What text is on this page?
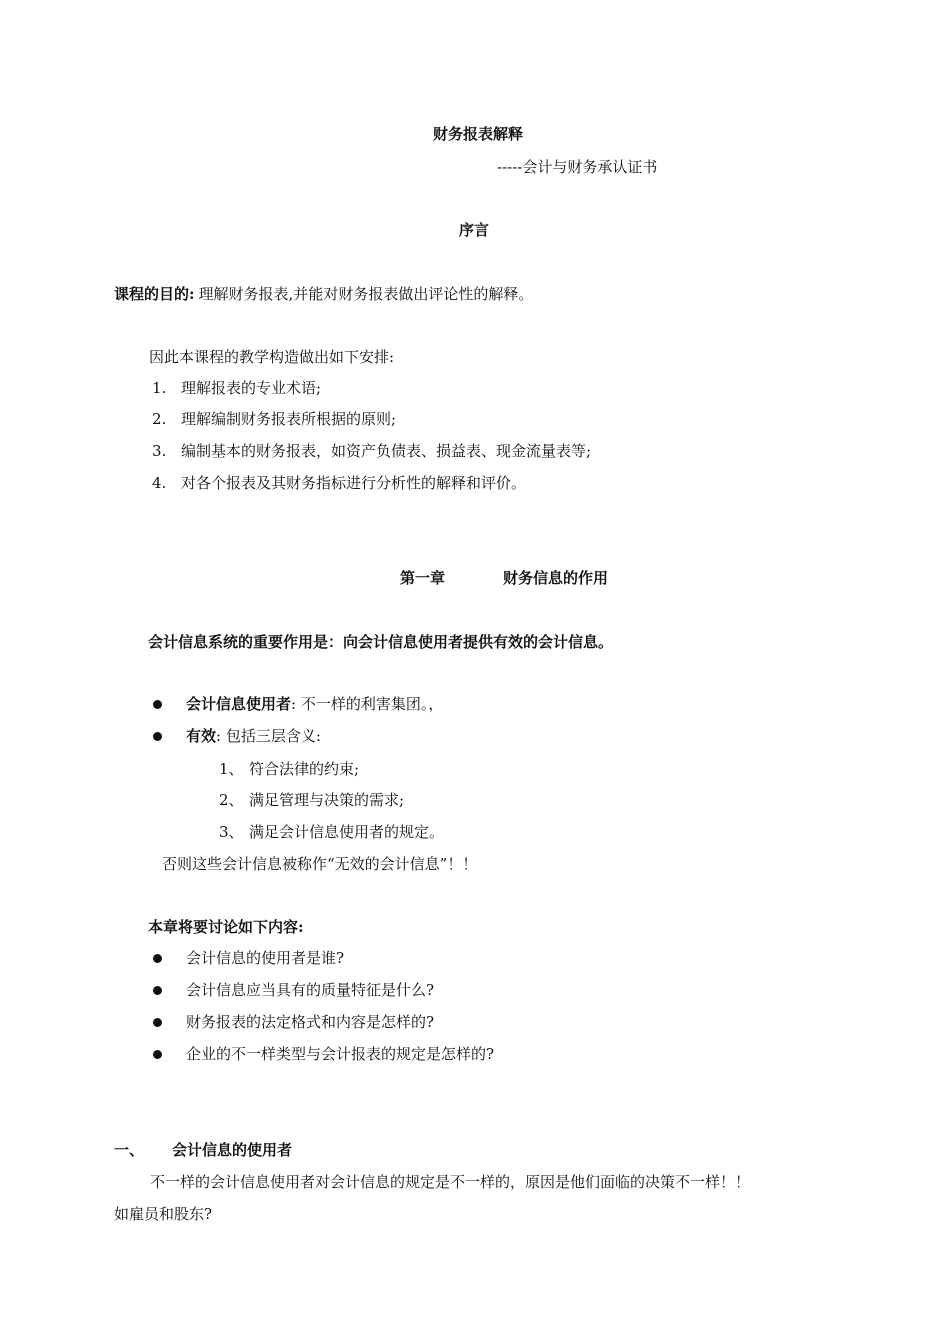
财务报表解释
-----会计与财务承认证书
序言
课程的目的: 理解财务报表,并能对财务报表做出评论性的解释。
因此本课程的教学构造做出如下安排:
1. 理解报表的专业术语;
2. 理解编制财务报表所根据的原则;
3. 编制基本的财务报表，如资产负债表、损益表、现金流量表等;
4. 对各个报表及其财务指标进行分析性的解释和评价。
第一章	财务信息的作用
会计信息系统的重要作用是：向会计信息使用者提供有效的会计信息。
会计信息使用者: 不一样的利害集团。，
有效: 包括三层含义:
1、 符合法律的约束;
2、 满足管理与决策的需求;
3、 满足会计信息使用者的规定。
否则这些会计信息被称作“无效的会计信息”！！
本章将要讨论如下内容:
会计信息的使用者是谁?
会计信息应当具有的质量特征是什么?
财务报表的法定格式和内容是怎样的?
企业的不一样类型与会计报表的规定是怎样的?
一、 会计信息的使用者
不一样的会计信息使用者对会计信息的规定是不一样的，原因是他们面临的决策不一样！！
如雇员和股东?
